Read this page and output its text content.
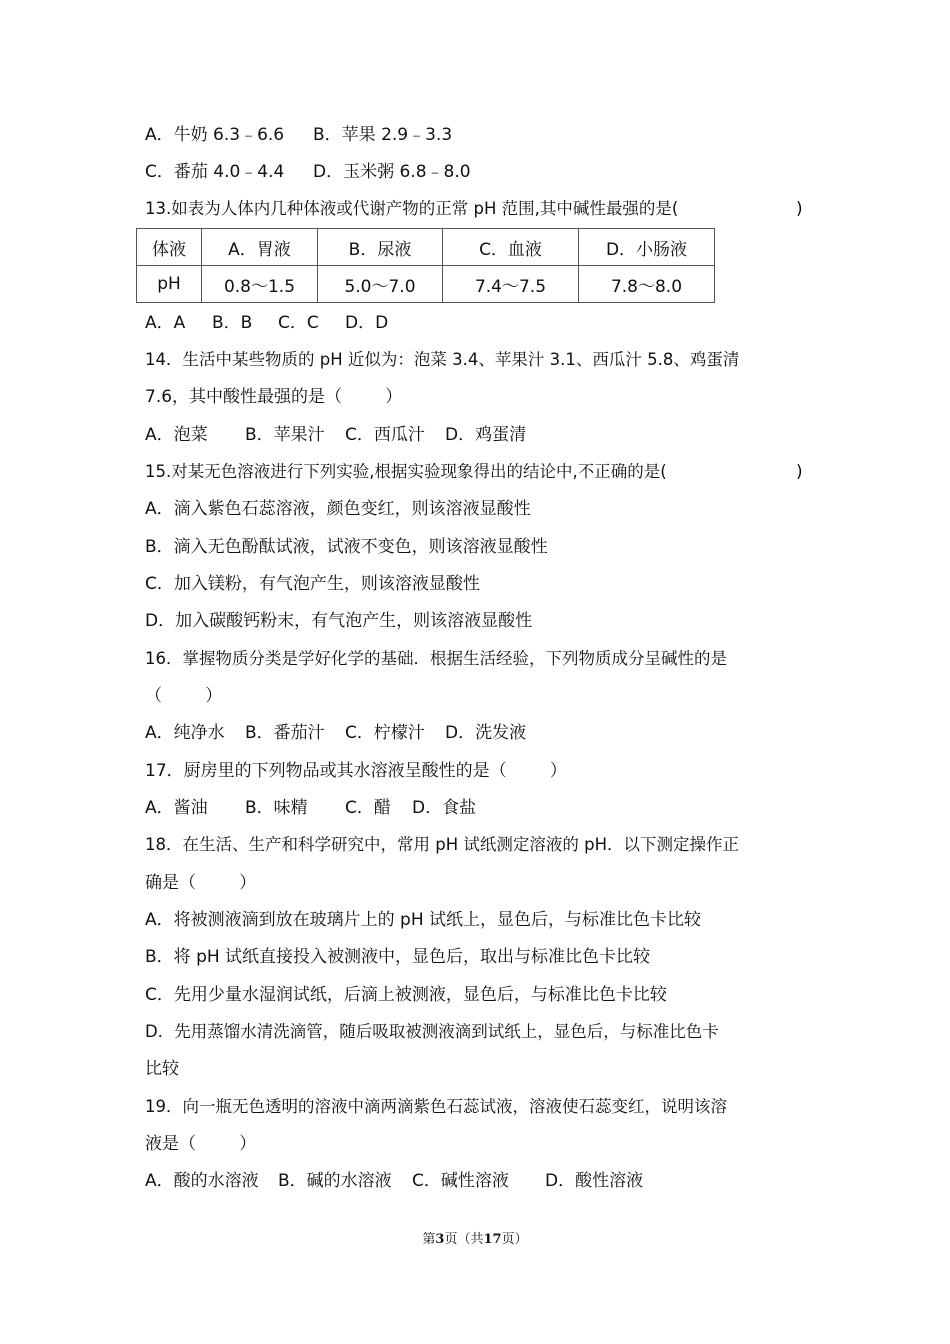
A．牛奶 6.3﹣6.6 B．苹果 2.9﹣3.3
C．番茄 4.0﹣4.4 D．玉米粥 6.8﹣8.0
13.如表为人体内几种体液或代谢产物的正常 pH 范围,其中碱性最强的是(	)
体液	A．胃液	B．尿液	C．血液	D．小肠液
pH	0.8～1.5	5.0～7.0	7.4～7.5	7.8～8.0
A．A B．B C．C D．D
14．生活中某些物质的 pH 近似为：泡菜 3.4、苹果汁 3.1、西瓜汁 5.8、鸡蛋清
7.6，其中酸性最强的是（        ）
A．泡菜 B．苹果汁 C．西瓜汁 D．鸡蛋清
15.对某无色溶液进行下列实验,根据实验现象得出的结论中,不正确的是(	)
A．滴入紫色石蕊溶液，颜色变红，则该溶液显酸性
B．滴入无色酚酞试液，试液不变色，则该溶液显酸性
C．加入镁粉，有气泡产生，则该溶液显酸性
D．加入碳酸钙粉末，有气泡产生，则该溶液显酸性
16．掌握物质分类是学好化学的基础．根据生活经验，下列物质成分呈碱性的是
（        ）
A．纯净水 B．番茄汁 C．柠檬汁 D．洗发液
17．厨房里的下列物品或其水溶液呈酸性的是（        ）
A．酱油 B．味精 C．醋 D．食盐
18．在生活、生产和科学研究中，常用 pH 试纸测定溶液的 pH．以下测定操作正
确是（        ）
A．将被测液滴到放在玻璃片上的 pH 试纸上，显色后，与标准比色卡比较
B．将 pH 试纸直接投入被测液中，显色后，取出与标准比色卡比较
C．先用少量水湿润试纸，后滴上被测液，显色后，与标准比色卡比较
D．先用蒸馏水清洗滴管，随后吸取被测液滴到试纸上，显色后，与标准比色卡
比较
19．向一瓶无色透明的溶液中滴两滴紫色石蕊试液，溶液使石蕊变红，说明该溶
液是（        ）
A．酸的水溶液 B．碱的水溶液 C．碱性溶液 D．酸性溶液
第3页（共17页）
